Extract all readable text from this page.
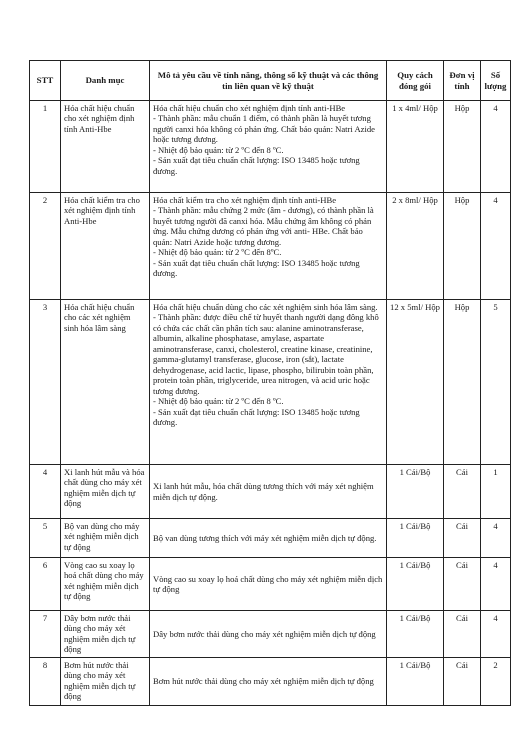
STT	Danh mục	Mô tả yêu cầu về tính năng, thông số kỹ thuật và các thông tin liên quan về kỹ thuật	Quy cách đóng gói	Đơn vị tính	Số lượng
1	Hóa chất hiệu chuẩn cho xét nghiệm định tính Anti-Hbe	Hóa chất hiệu chuẩn cho xét nghiệm định tính anti-HBe
- Thành phần: mẫu chuẩn 1 điểm, có thành phần là huyết tương người canxi hóa không có phản ứng. Chất bảo quản: Natri Azide hoặc tương đương.
- Nhiệt độ bảo quản: từ 2 ºC đến 8 ºC.
- Sản xuất đạt tiêu chuẩn chất lượng: ISO 13485 hoặc tương đương.	1 x 4ml/ Hộp	Hộp	4
2	Hóa chất kiểm tra cho xét nghiệm định tính Anti-Hbe	Hóa chất kiểm tra cho xét nghiệm định tính anti-HBe
- Thành phần: mẫu chứng 2 mức (âm - dương), có thành phần là huyết tương người đã canxi hóa. Mẫu chứng âm không có phản ứng. Mẫu chứng dương có phản ứng với anti- HBe. Chất bảo quản: Natri Azide hoặc tương đương.
- Nhiệt độ bảo quản: từ 2 ºC đến 8ºC.
- Sản xuất đạt tiêu chuẩn chất lượng: ISO 13485 hoặc tương đương.	2 x 8ml/ Hộp	Hộp	4
3	Hóa chất hiệu chuẩn cho các xét nghiệm sinh hóa lâm sàng	Hóa chất hiệu chuẩn dùng cho các xét nghiệm sinh hóa lâm sàng.
- Thành phần: được điều chế từ huyết thanh người dạng đông khô có chứa các chất cần phân tích sau: alanine aminotransferase, albumin, alkaline phosphatase, amylase, aspartate aminotransferase, canxi, cholesterol, creatine kinase, creatinine, gamma-glutamyl transferase, glucose, iron (sắt), lactate dehydrogenase, acid lactic, lipase, phospho, bilirubin toàn phần, protein toàn phần, triglyceride, urea nitrogen, và acid uric hoặc tương đương.
- Nhiệt độ bảo quản: từ 2 ºC đến 8 ºC.
- Sản xuất đạt tiêu chuẩn chất lượng: ISO 13485 hoặc tương đương.	12 x 5ml/ Hộp	Hộp	5
4	Xi lanh hút mẫu và hóa chất dùng cho máy xét nghiệm miễn dịch tự động	Xi lanh hút mẫu, hóa chất dùng tương thích với máy xét nghiệm miễn dịch tự động.	1 Cái/Bộ	Cái	1
5	Bộ van dùng cho máy xét nghiệm miễn dịch tự động	Bộ van dùng tương thích với máy xét nghiệm miễn dịch tự động.	1 Cái/Bộ	Cái	4
6	Vòng cao su xoay lọ hoá chất dùng cho máy xét nghiệm miễn dịch tự động	Vòng cao su xoay lọ hoá chất dùng cho máy xét nghiệm miễn dịch tự động	1 Cái/Bộ	Cái	4
7	Dây bơm nước thải dùng cho máy xét nghiệm miễn dịch tự động	Dây bơm nước thải dùng cho máy xét nghiệm miễn dịch tự động	1 Cái/Bộ	Cái	4
8	Bơm hút nước thải dùng cho máy xét nghiệm miễn dịch tự động	Bơm hút nước thải dùng cho máy xét nghiệm miễn dịch tự động	1 Cái/Bộ	Cái	2
